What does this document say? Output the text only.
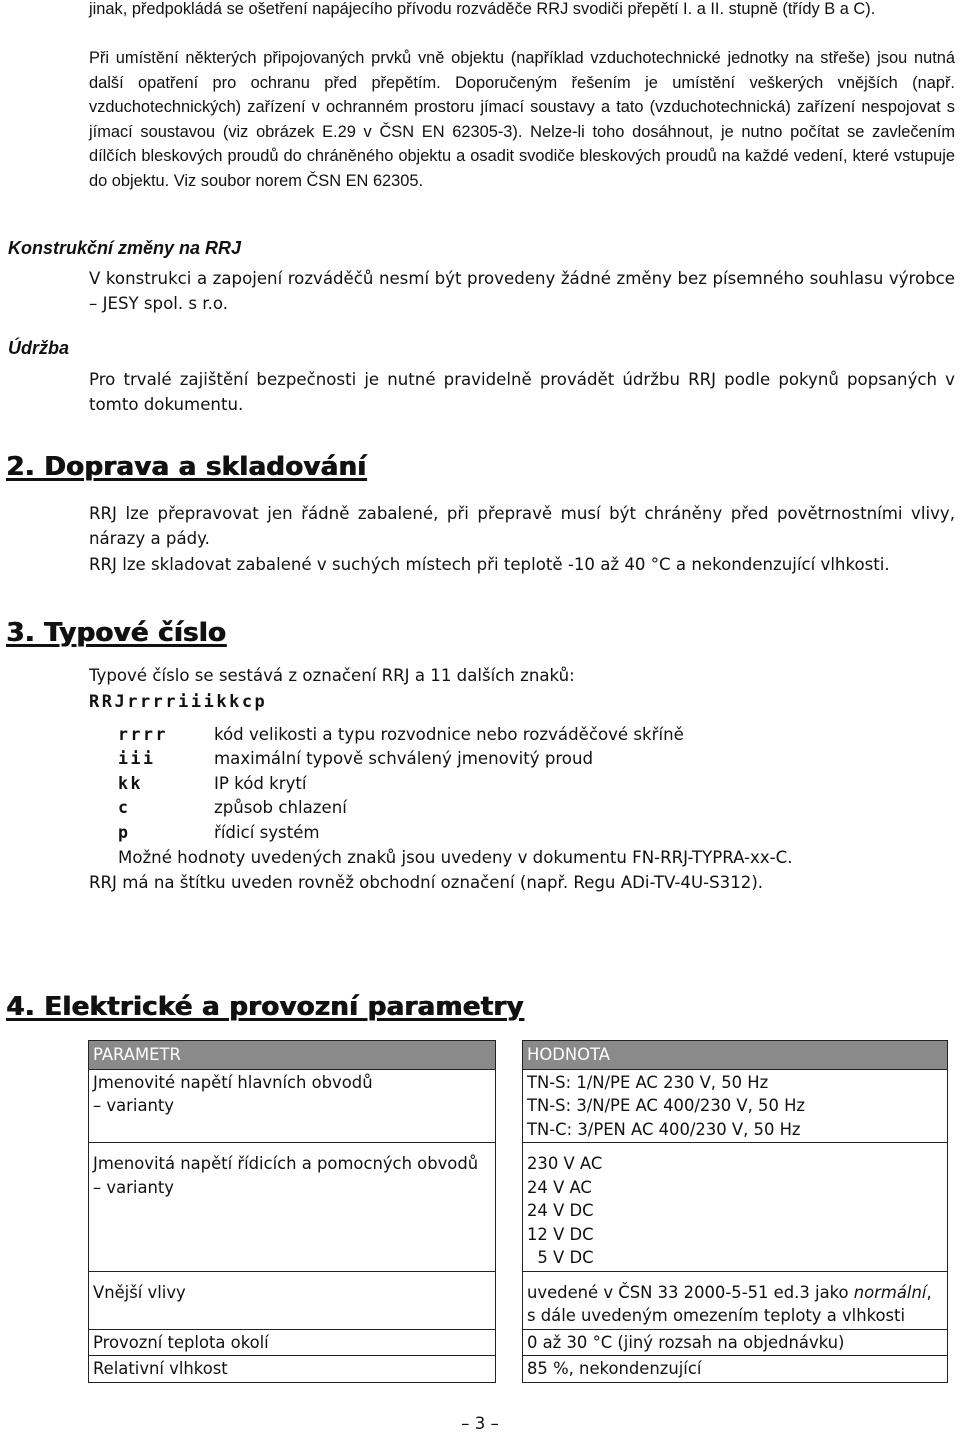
jinak, předpokládá se ošetření napájecího přívodu rozváděče RRJ svodiči přepětí I. a II. stupně (třídy B a C).

Při umístění některých připojovaných prvků vně objektu (například vzduchotechnické jednotky na střeše) jsou nutná další opatření pro ochranu před přepětím. Doporučeným řešením je umístění veškerých vnějších (např. vzduchotechnických) zařízení v ochranném prostoru jímací soustavy a tato (vzduchotechnická) zařízení nespojovat s jímací soustavou (viz obrázek E.29 v ČSN EN 62305-3). Nelze-li toho dosáhnout, je nutno počítat se zavlečením dílčích bleskových proudů do chráněného objektu a osadit svodiče bleskových proudů na každé vedení, které vstupuje do objektu. Viz soubor norem ČSN EN 62305.

Konstrukční změny na RRJ

V konstrukci a zapojení rozváděčů nesmí být provedeny žádné změny bez písemného souhlasu výrobce – JESY spol. s r.o.

Údržba

Pro trvalé zajištění bezpečnosti je nutné pravidelně provádět údržbu RRJ podle pokynů popsaných v tomto dokumentu.

2. Doprava a skladování

RRJ lze přepravovat jen řádně zabalené, při přepravě musí být chráněny před povětrnostními vlivy, nárazy a pády.

RRJ lze skladovat zabalené v suchých místech při teplotě -10 až 40 °C a nekondenzující vlhkosti.

3. Typové číslo

Typové číslo se sestává z označení RRJ a 11 dalších znaků:

RRJrrrriiikkcp
rrrr	kód velikosti a typu rozvodnice nebo rozváděčové skříně
iii	maximální typově schválený jmenovitý proud
kk	IP kód krytí
c	způsob chlazení
p	řídicí systém
Možné hodnoty uvedených znaků jsou uvedeny v dokumentu FN-RRJ-TYPRA-xx-C.
RRJ má na štítku uveden rovněž obchodní označení (např. Regu ADi-TV-4U-S312).
4. Elektrické a provozní parametry
PARAMETR		HODNOTA
Jmenovité napětí hlavních obvodů
– varianty		TN-S: 1/N/PE AC 230 V, 50 Hz
TN-S: 3/N/PE AC 400/230 V, 50 Hz
TN-C: 3/PEN AC 400/230 V, 50 Hz
Jmenovitá napětí řídicích a pomocných obvodů – varianty		230 V AC
24 V AC
24 V DC
12 V DC
5 V DC
Vnější vlivy		uvedené v ČSN 33 2000-5-51 ed.3 jako normální, s dále uvedeným omezením teploty a vlhkosti
Provozní teplota okolí		0 až 30 °C (jiný rozsah na objednávku)
Relativní vlhkost		85 %, nekondenzující
– 3 –
